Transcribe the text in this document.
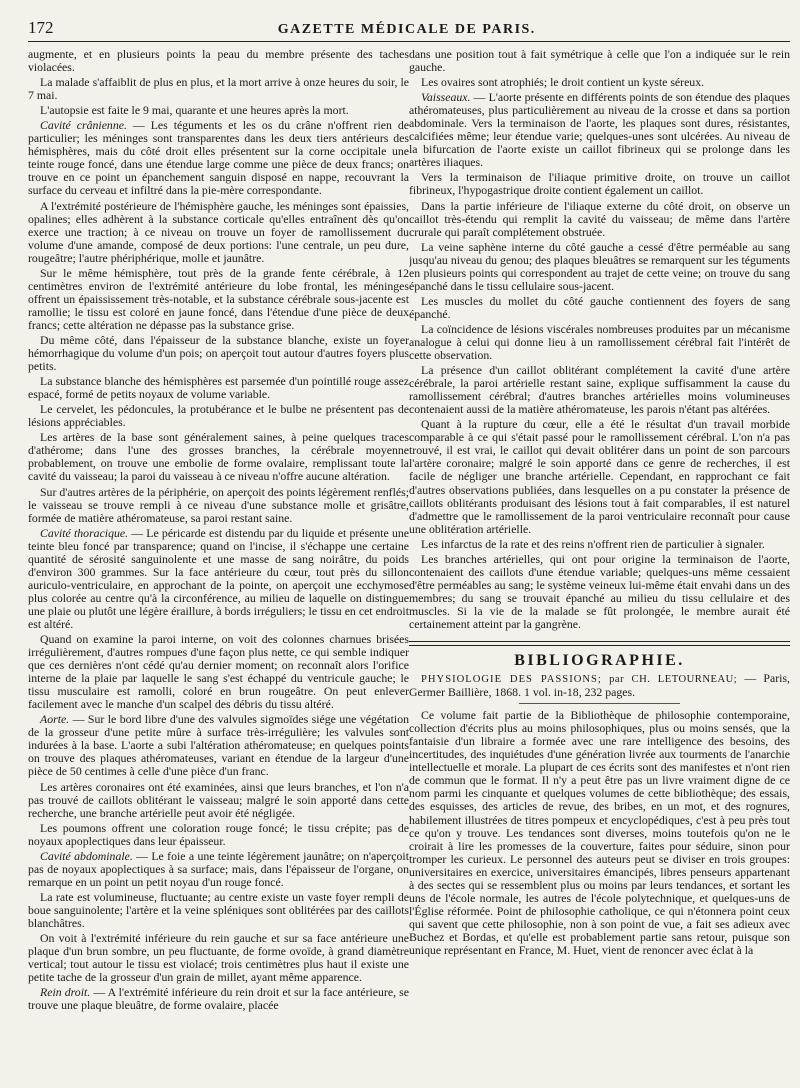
172	GAZETTE MÉDICALE DE PARIS.

augmente, et en plusieurs points la peau du membre présente des taches violacées.

La malade s'affaiblit de plus en plus, et la mort arrive à onze heures du soir, le 7 mai.

L'autopsie est faite le 9 mai, quarante et une heures après la mort.

Cavité crânienne. — Les téguments et les os du crâne n'offrent rien de particulier; les méninges sont transparentes dans les deux tiers antérieurs des hémisphères, mais du côté droit elles présentent sur la corne occipitale une teinte rouge foncé, dans une étendue large comme une pièce de deux francs; on trouve en ce point un épanchement sanguin disposé en nappe, recouvrant la surface du cerveau et infiltré dans la pie-mère correspondante.

A l'extrémité postérieure de l'hémisphère gauche, les méninges sont épaissies, opalines; elles adhèrent à la substance corticale qu'elles entraînent dès qu'on exerce une traction; à ce niveau on trouve un foyer de ramollissement du volume d'une amande, composé de deux portions: l'une centrale, un peu dure, rougeâtre; l'autre phériphérique, molle et jaunâtre.

Sur le même hémisphère, tout près de la grande fente cérébrale, à 12 centimètres environ de l'extrémité antérieure du lobe frontal, les méninges offrent un épaississement très-notable, et la substance cérébrale sous-jacente est ramollie; le tissu est coloré en jaune foncé, dans l'étendue d'une pièce de deux francs; cette altération ne dépasse pas la substance grise.

Du même côté, dans l'épaisseur de la substance blanche, existe un foyer hémorrhagique du volume d'un pois; on aperçoit tout autour d'autres foyers plus petits.

La substance blanche des hémisphères est parsemée d'un pointillé rouge assez espacé, formé de petits noyaux de volume variable.

Le cervelet, les pédoncules, la protubérance et le bulbe ne présentent pas de lésions appréciables.

Les artères de la base sont généralement saines, à peine quelques traces d'athérome; dans l'une des grosses branches, la cérébrale moyenne probablement, on trouve une embolie de forme ovalaire, remplissant toute la cavité du vaisseau; la paroi du vaisseau à ce niveau n'offre aucune altération.

Sur d'autres artères de la périphérie, on aperçoit des points légèrement renflés; le vaisseau se trouve rempli à ce niveau d'une substance molle et grisâtre, formée de matière athéromateuse, sa paroi restant saine.

Cavité thoracique. — Le péricarde est distendu par du liquide et présente une teinte bleu foncé par transparence; quand on l'incise, il s'échappe une certaine quantité de sérosité sanguinolente et une masse de sang noirâtre, du poids d'environ 300 grammes. Sur la face antérieure du cœur, tout près du sillon auriculo-ventriculaire, en approchant de la pointe, on aperçoit une ecchymose plus colorée au centre qu'à la circonférence, au milieu de laquelle on distingue une plaie ou plutôt une légère éraillure, à bords irréguliers; le tissu en cet endroit est altéré.

Quand on examine la paroi interne, on voit des colonnes charnues brisées irrégulièrement, d'autres rompues d'une façon plus nette, ce qui semble indiquer que ces dernières n'ont cédé qu'au dernier moment; on reconnaît alors l'orifice interne de la plaie par laquelle le sang s'est échappé du ventricule gauche; le tissu musculaire est ramolli, coloré en brun rougeâtre. On peut enlever facilement avec le manche d'un scalpel des débris du tissu altéré.

Aorte. — Sur le bord libre d'une des valvules sigmoïdes siége une végétation de la grosseur d'une petite mûre à surface très-irrégulière; les valvules sont indurées à la base. L'aorte a subi l'altération athéromateuse; en quelques points on trouve des plaques athéromateuses, variant en étendue de la largeur d'une pièce de 50 centimes à celle d'une pièce d'un franc.

Les artères coronaires ont été examinées, ainsi que leurs branches, et l'on n'a pas trouvé de caillots oblitérant le vaisseau; malgré le soin apporté dans cette recherche, une branche artérielle peut avoir été négligée.

Les poumons offrent une coloration rouge foncé; le tissu crépite; pas de noyaux apoplectiques dans leur épaisseur.

Cavité abdominale. — Le foie a une teinte légèrement jaunâtre; on n'aperçoit pas de noyaux apoplectiques à sa surface; mais, dans l'épaisseur de l'organe, on remarque en un point un petit noyau d'un rouge foncé.

La rate est volumineuse, fluctuante; au centre existe un vaste foyer rempli de boue sanguinolente; l'artère et la veine spléniques sont oblitérées par des caillots blanchâtres.

On voit à l'extrémité inférieure du rein gauche et sur sa face antérieure une plaque d'un brun sombre, un peu fluctuante, de forme ovoïde, à grand diamètre vertical; tout autour le tissu est violacé; trois centimètres plus haut il existe une petite tache de la grosseur d'un grain de millet, ayant même apparence.

Rein droit. — A l'extrémité inférieure du rein droit et sur la face antérieure, se trouve une plaque bleuâtre, de forme ovalaire, placée

dans une position tout à fait symétrique à celle que l'on a indiquée sur le rein gauche.

Les ovaires sont atrophiés; le droit contient un kyste séreux.

Vaisseaux. — L'aorte présente en différents points de son étendue des plaques athéromateuses, plus particulièrement au niveau de la crosse et dans sa portion abdominale. Vers la terminaison de l'aorte, les plaques sont dures, résistantes, calcifiées même; leur étendue varie; quelques-unes sont ulcérées. Au niveau de la bifurcation de l'aorte existe un caillot fibrineux qui se prolonge dans les artères iliaques.

Vers la terminaison de l'iliaque primitive droite, on trouve un caillot fibrineux, l'hypogastrique droite contient également un caillot.

Dans la partie inférieure de l'iliaque externe du côté droit, on observe un caillot très-étendu qui remplit la cavité du vaisseau; de même dans l'artère crurale qui paraît complétement obstruée.

La veine saphène interne du côté gauche a cessé d'être perméable au sang jusqu'au niveau du genou; des plaques bleuâtres se remarquent sur les téguments en plusieurs points qui correspondent au trajet de cette veine; on trouve du sang épanché dans le tissu cellulaire sous-jacent.

Les muscles du mollet du côté gauche contiennent des foyers de sang épanché.

La coïncidence de lésions viscérales nombreuses produites par un mécanisme analogue à celui qui donne lieu à un ramollissement cérébral fait l'intérêt de cette observation.

La présence d'un caillot oblitérant complétement la cavité d'une artère cérébrale, la paroi artérielle restant saine, explique suffisamment la cause du ramollissement cérébral; d'autres branches artérielles moins volumineuses contenaient aussi de la matière athéromateuse, les parois n'étant pas altérées.

Quant à la rupture du cœur, elle a été le résultat d'un travail morbide comparable à ce qui s'était passé pour le ramollissement cérébral. L'on n'a pas trouvé, il est vrai, le caillot qui devait oblitérer dans un point de son parcours l'artère coronaire; malgré le soin apporté dans ce genre de recherches, il est facile de négliger une branche artérielle. Cependant, en rapprochant ce fait d'autres observations publiées, dans lesquelles on a pu constater la présence de caillots oblitérants produisant des lésions tout à fait comparables, il est naturel d'admettre que le ramollissement de la paroi ventriculaire reconnaît pour cause une oblitération artérielle.

Les infarctus de la rate et des reins n'offrent rien de particulier à signaler.

Les branches artérielles, qui ont pour origine la terminaison de l'aorte, contenaient des caillots d'une étendue variable; quelques-uns même cessaient d'être perméables au sang; le système veineux lui-même était envahi dans un des membres; du sang se trouvait épanché au milieu du tissu cellulaire et des muscles. Si la vie de la malade se fût prolongée, le membre aurait été certainement atteint par la gangrène.

BIBLIOGRAPHIE.

PHYSIOLOGIE DES PASSIONS; par CH. LETOURNEAU; — Paris, Germer Baillière, 1868. 1 vol. in-18, 232 pages.

Ce volume fait partie de la Bibliothèque de philosophie contemporaine, collection d'écrits plus au moins philosophiques, plus ou moins sensés, que la fantaisie d'un libraire a formée avec une rare intelligence des besoins, des incertitudes, des inquiétudes d'une génération livrée aux tourments de l'anarchie intellectuelle et morale. La plupart de ces écrits sont des manifestes et n'ont rien de commun que le format. Il n'y a peut être pas un livre vraiment digne de ce nom parmi les cinquante et quelques volumes de cette bibliothèque; des essais, des esquisses, des articles de revue, des bribes, en un mot, et des rognures, habilement illustrées de titres pompeux et encyclopédiques, c'est à peu près tout ce qu'on y trouve. Les tendances sont diverses, moins toutefois qu'on ne le croirait à lire les promesses de la couverture, faites pour séduire, sinon pour tromper les curieux. Le personnel des auteurs peut se diviser en trois groupes: universitaires en exercice, universitaires émancipés, libres penseurs appartenant à des sectes qui se ressemblent plus ou moins par leurs tendances, et sortant les uns de l'école normale, les autres de l'école polytechnique, et quelques-uns de l'Église réformée. Point de philosophie catholique, ce qui n'étonnera point ceux qui savent que cette philosophie, non à son point de vue, a fait ses adieux avec Buchez et Bordas, et qu'elle est probablement partie sans retour, puisque son unique représentant en France, M. Huet, vient de renoncer avec éclat à la
